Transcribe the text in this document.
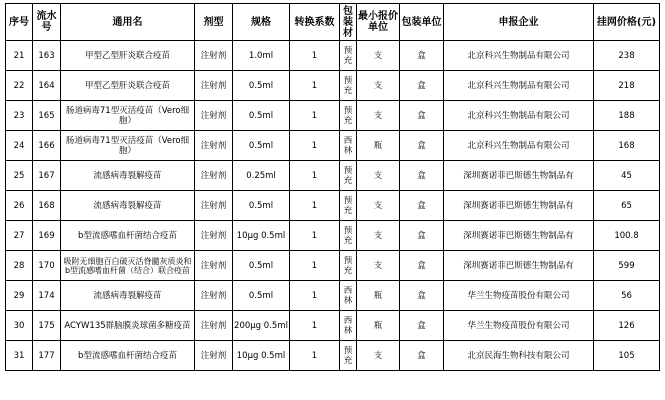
序号	流水号	通用名	剂型	规格	转换系数	包装材	最小报价单位	包装单位	申报企业	挂网价格(元)
21	163	甲型乙型肝炎联合疫苗	注射剂	1.0ml	1	预充	支	盒	北京科兴生物制品有限公司	238
22	164	甲型乙型肝炎联合疫苗	注射剂	0.5ml	1	预充	支	盒	北京科兴生物制品有限公司	218
23	165	肠道病毒71型灭活疫苗（Vero细胞）	注射剂	0.5ml	1	预充	支	盒	北京科兴生物制品有限公司	188
24	166	肠道病毒71型灭活疫苗（Vero细胞）	注射剂	0.5ml	1	西林	瓶	盒	北京科兴生物制品有限公司	168
25	167	流感病毒裂解疫苗	注射剂	0.25ml	1	预充	支	盒	深圳赛诺菲巴斯德生物制品有	45
26	168	流感病毒裂解疫苗	注射剂	0.5ml	1	预充	支	盒	深圳赛诺菲巴斯德生物制品有	65
27	169	b型流感嗜血杆菌结合疫苗	注射剂	10μg 0.5ml	1	预充	支	盒	深圳赛诺菲巴斯德生物制品有	100.8
28	170	吸附无细胞百白破灭活脊髓灰质炎和b型流感嗜血杆菌（结合）联合疫苗	注射剂	0.5ml	1	预充	支	盒	深圳赛诺菲巴斯德生物制品有	599
29	174	流感病毒裂解疫苗	注射剂	0.5ml	1	西林	瓶	盒	华兰生物疫苗股份有限公司	56
30	175	ACYW135群脑膜炎球菌多糖疫苗	注射剂	200μg 0.5ml	1	西林	瓶	盒	华兰生物疫苗股份有限公司	126
31	177	b型流感嗜血杆菌结合疫苗	注射剂	10μg 0.5ml	1	预充	支	盒	北京民海生物科技有限公司	105
